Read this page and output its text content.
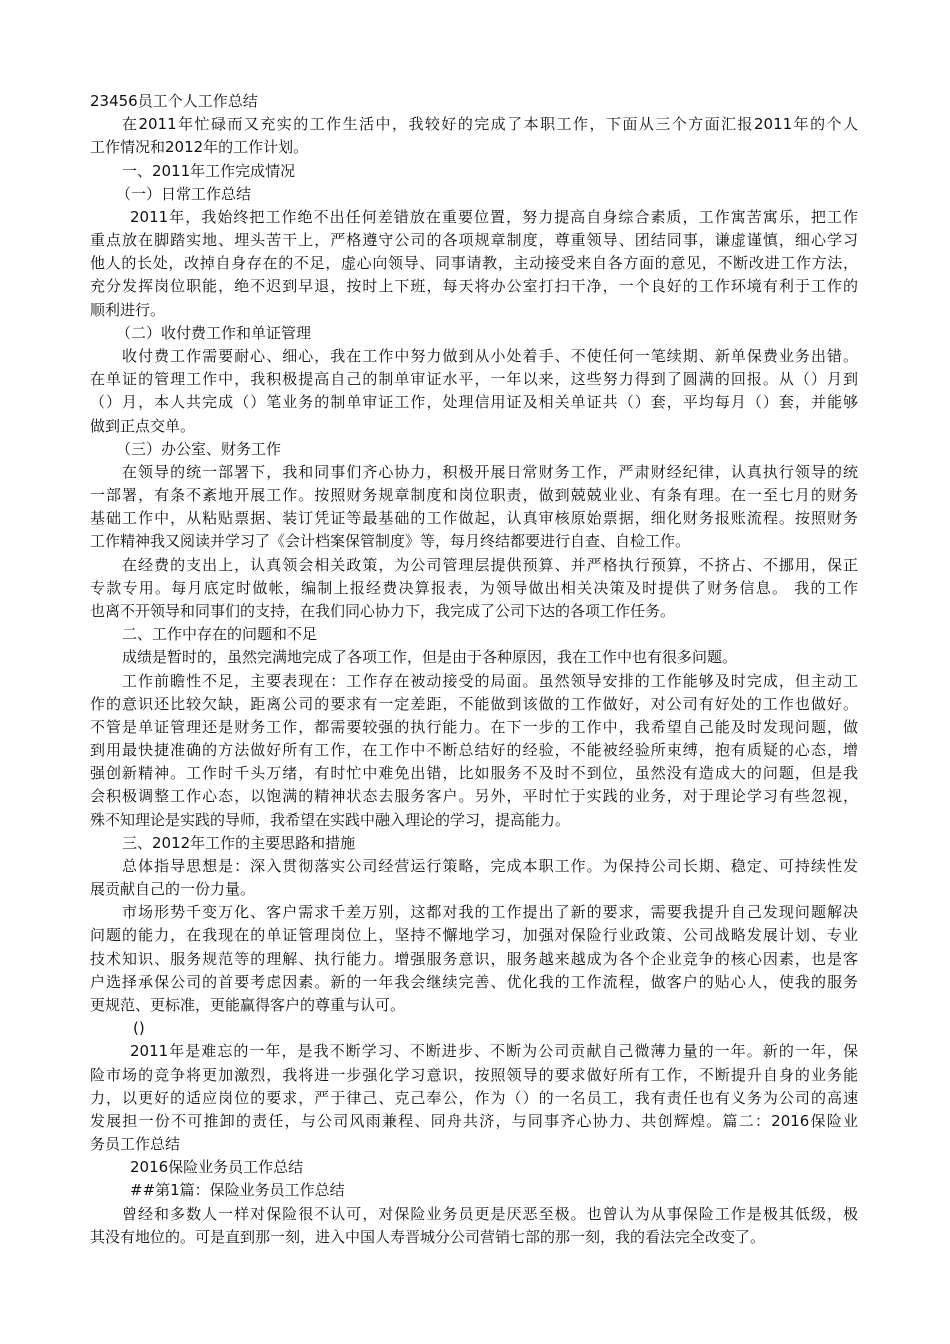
23456员工个人工作总结
在2011年忙碌而又充实的工作生活中，我较好的完成了本职工作，下面从三个方面汇报2011年的个人
工作情况和2012年的工作计划。
一、2011年工作完成情况
（一）日常工作总结
2011年，我始终把工作绝不出任何差错放在重要位置，努力提高自身综合素质，工作寓苦寓乐，把工作
重点放在脚踏实地、埋头苦干上，严格遵守公司的各项规章制度，尊重领导、团结同事，谦虚谨慎，细心学习
他人的长处，改掉自身存在的不足，虚心向领导、同事请教，主动接受来自各方面的意见，不断改进工作方法，
充分发挥岗位职能，绝不迟到早退，按时上下班，每天将办公室打扫干净，一个良好的工作环境有利于工作的
顺利进行。
（二）收付费工作和单证管理
收付费工作需要耐心、细心，我在工作中努力做到从小处着手、不使任何一笔续期、新单保费业务出错。
在单证的管理工作中，我积极提高自己的制单审证水平，一年以来，这些努力得到了圆满的回报。从（）月到
（）月，本人共完成（）笔业务的制单审证工作，处理信用证及相关单证共（）套，平均每月（）套，并能够
做到正点交单。
（三）办公室、财务工作
在领导的统一部署下，我和同事们齐心协力，积极开展日常财务工作，严肃财经纪律，认真执行领导的统
一部署，有条不紊地开展工作。按照财务规章制度和岗位职责，做到兢兢业业、有条有理。在一至七月的财务
基础工作中，从粘贴票据、装订凭证等最基础的工作做起，认真审核原始票据，细化财务报账流程。按照财务
工作精神我又阅读并学习了《会计档案保管制度》等，每月终结都要进行自查、自检工作。
在经费的支出上，认真领会相关政策，为公司管理层提供预算、并严格执行预算，不挤占、不挪用，保正
专款专用。每月底定时做帐，编制上报经费决算报表，为领导做出相关决策及时提供了财务信息。 我的工作
也离不开领导和同事们的支持，在我们同心协力下，我完成了公司下达的各项工作任务。
二、工作中存在的问题和不足
成绩是暂时的，虽然完满地完成了各项工作，但是由于各种原因，我在工作中也有很多问题。
工作前瞻性不足，主要表现在：工作存在被动接受的局面。虽然领导安排的工作能够及时完成，但主动工
作的意识还比较欠缺，距离公司的要求有一定差距，不能做到该做的工作做好，对公司有好处的工作也做好。
不管是单证管理还是财务工作，都需要较强的执行能力。在下一步的工作中，我希望自己能及时发现问题，做
到用最快捷准确的方法做好所有工作，在工作中不断总结好的经验，不能被经验所束缚，抱有质疑的心态，增
强创新精神。工作时千头万绪，有时忙中难免出错，比如服务不及时不到位，虽然没有造成大的问题，但是我
会积极调整工作心态，以饱满的精神状态去服务客户。另外，平时忙于实践的业务，对于理论学习有些忽视，
殊不知理论是实践的导师，我希望在实践中融入理论的学习，提高能力。
三、2012年工作的主要思路和措施
总体指导思想是：深入贯彻落实公司经营运行策略，完成本职工作。为保持公司长期、稳定、可持续性发
展贡献自己的一份力量。
市场形势千变万化、客户需求千差万别，这都对我的工作提出了新的要求，需要我提升自己发现问题解决
问题的能力，在我现在的单证管理岗位上，坚持不懈地学习，加强对保险行业政策、公司战略发展计划、专业
技术知识、服务规范等的理解、执行能力。增强服务意识，服务越来越成为各个企业竞争的核心因素，也是客
户选择承保公司的首要考虑因素。新的一年我会继续完善、优化我的工作流程，做客户的贴心人，使我的服务
更规范、更标准，更能赢得客户的尊重与认可。
()
2011年是难忘的一年，是我不断学习、不断进步、不断为公司贡献自己微薄力量的一年。新的一年，保
险市场的竞争将更加激烈，我将进一步强化学习意识，按照领导的要求做好所有工作，不断提升自身的业务能
力，以更好的适应岗位的要求，严于律己、克己奉公，作为（）的一名员工，我有责任也有义务为公司的高速
发展担一份不可推卸的责任，与公司风雨兼程、同舟共济，与同事齐心协力、共创辉煌。篇二：2016保险业
务员工作总结
2016保险业务员工作总结
##第1篇：保险业务员工作总结
曾经和多数人一样对保险很不认可，对保险业务员更是厌恶至极。也曾认为从事保险工作是极其低级，极
其没有地位的。可是直到那一刻，进入中国人寿晋城分公司营销七部的那一刻，我的看法完全改变了。
